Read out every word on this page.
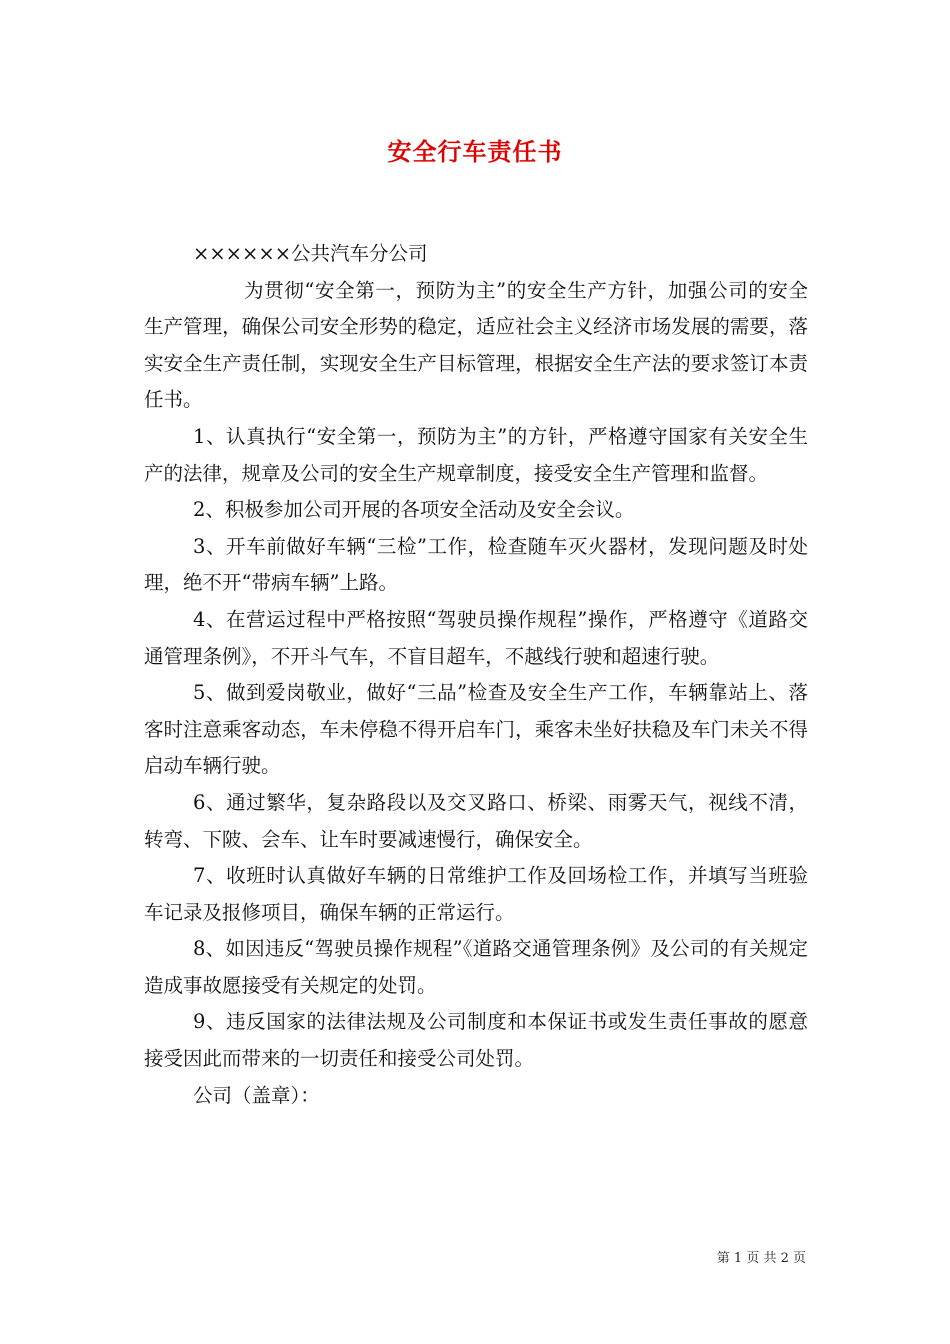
安全行车责任书

××××××公共汽车分公司

为贯彻“安全第一，预防为主”的安全生产方针，加强公司的安全生产管理，确保公司安全形势的稳定，适应社会主义经济市场发展的需要，落实安全生产责任制，实现安全生产目标管理，根据安全生产法的要求签订本责任书。

1、认真执行“安全第一，预防为主”的方针，严格遵守国家有关安全生产的法律，规章及公司的安全生产规章制度，接受安全生产管理和监督。

2、积极参加公司开展的各项安全活动及安全会议。

3、开车前做好车辆“三检”工作，检查随车灭火器材，发现问题及时处理，绝不开“带病车辆”上路。

4、在营运过程中严格按照“驾驶员操作规程”操作，严格遵守《道路交通管理条例》，不开斗气车，不盲目超车，不越线行驶和超速行驶。

5、做到爱岗敬业，做好“三品”检查及安全生产工作，车辆靠站上、落客时注意乘客动态，车未停稳不得开启车门，乘客未坐好扶稳及车门未关不得启动车辆行驶。

6、通过繁华，复杂路段以及交叉路口、桥梁、雨雾天气，视线不清，转弯、下陂、会车、让车时要减速慢行，确保安全。

7、收班时认真做好车辆的日常维护工作及回场检工作，并填写当班验车记录及报修项目，确保车辆的正常运行。

8、如因违反“驾驶员操作规程”《道路交通管理条例》及公司的有关规定造成事故愿接受有关规定的处罚。

9、违反国家的法律法规及公司制度和本保证书或发生责任事故的愿意接受因此而带来的一切责任和接受公司处罚。

公司（盖章）：

第 1 页 共 2 页
